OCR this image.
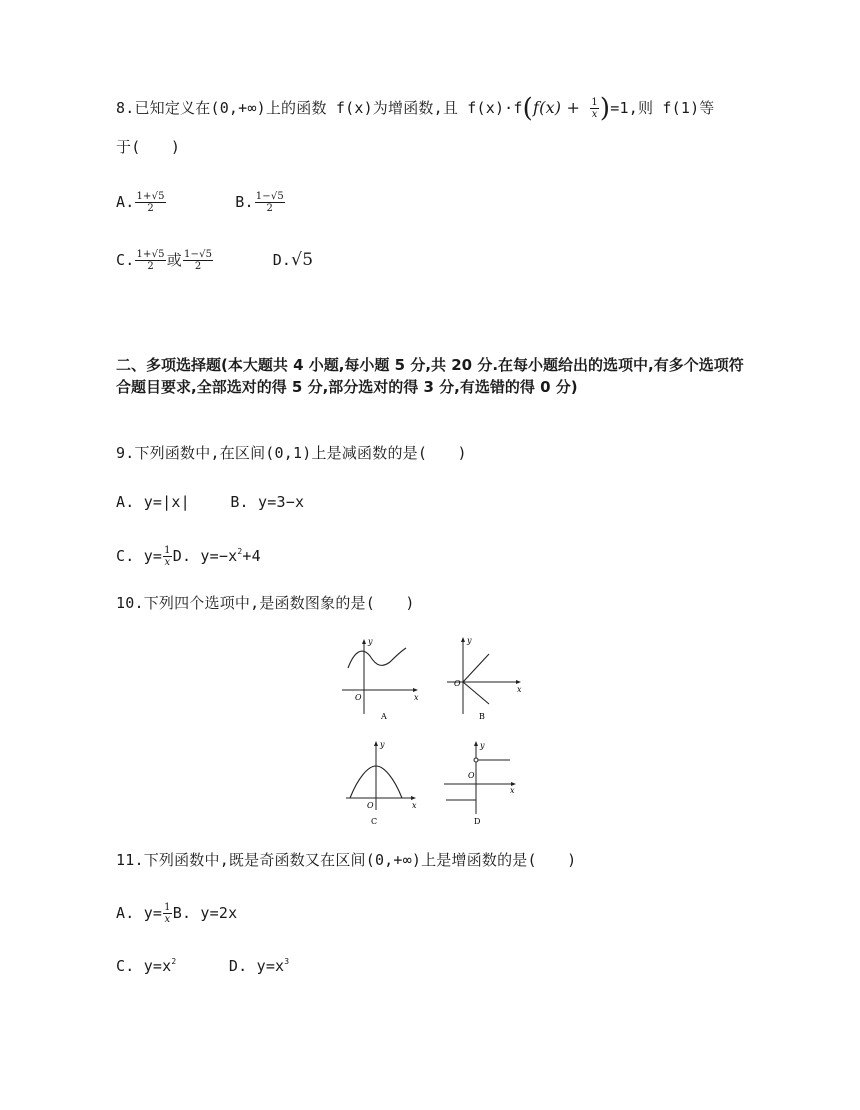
8.已知定义在(0,+∞)上的函数 f(x)为增函数,且 $f(x)\cdot f(f(x) + \frac{1}{x} )=1$,则 f(1)等
于(　　)
A. $\frac{1+√5}{2}$	B. $\frac{1-√5}{2}$
C. $\frac{1+√5}{2}$ 或 $\frac{1-√5}{2}$	D.√5
二、多项选择题(本大题共 4 小题,每小题 5 分,共 20 分.在每小题给出的选项中,有多个选项符合题目要求,全部选对的得 5 分,部分选对的得 3 分,有选错的得 0 分)
9.下列函数中,在区间(0,1)上是减函数的是(　　)
A. y=|x|	B. y=3−x
C. $y= \frac{1}{x} D$. $y=-x^2+4$
10.下列四个选项中,是函数图象的是(　　)
y
x
O
A
y
x
O
B
y
x
O
C
y
x
O
D
11.下列函数中,既是奇函数又在区间(0,+∞)上是增函数的是(　　)
A. $y= \frac{1}{x} B$. y=2x
C. $y=x^2$	D. $y=x^3$
